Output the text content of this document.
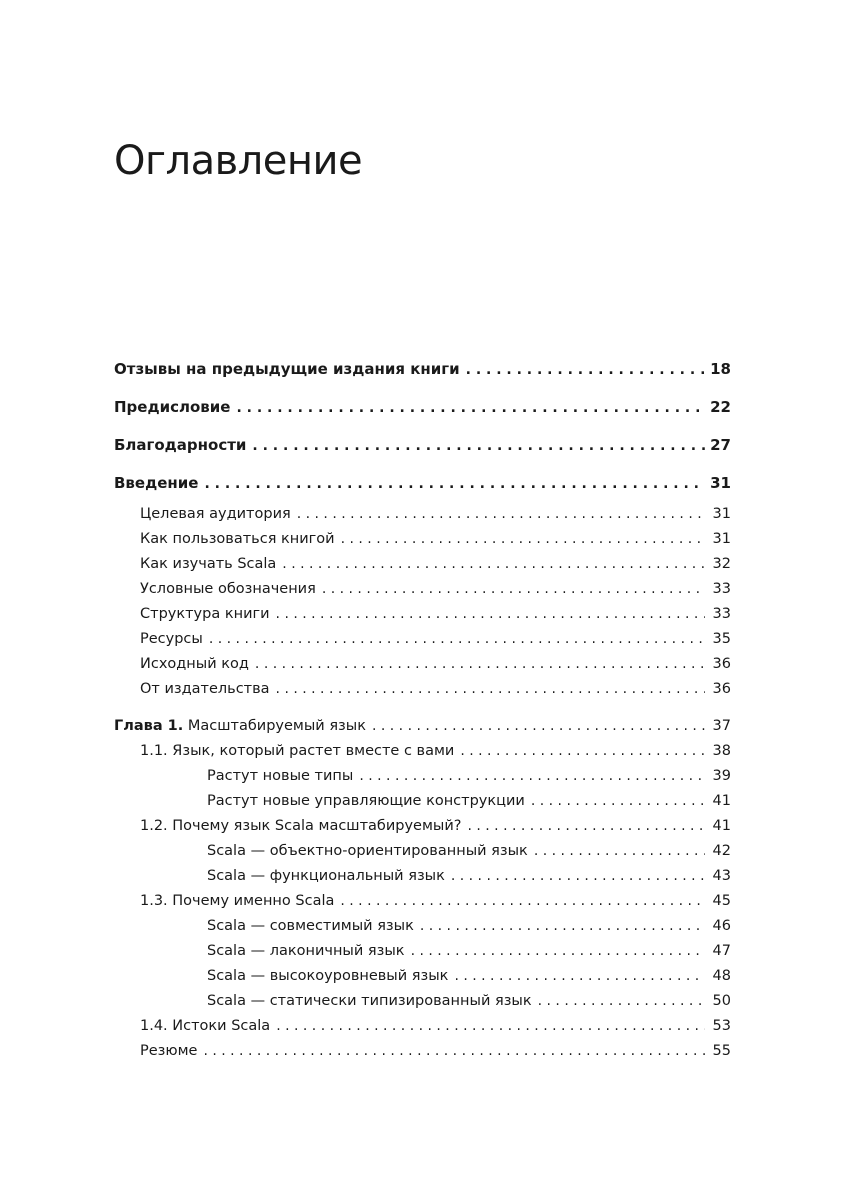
Оглавление
Отзывы на предыдущие издания книги . . .	18
Предисловие . . .	22
Благодарности . . .	27
Введение . . .	31
Целевая аудитория . . .	31
Как пользоваться книгой . . .	31
Как изучать Scala . . .	32
Условные обозначения . . .	33
Структура книги . . .	33
Ресурсы . . .	35
Исходный код . . .	36
От издательства . . .	36
Глава 1. Масштабируемый язык . . .	37
1.1. Язык, который растет вместе с вами . . .	38
Растут новые типы . . .	39
Растут новые управляющие конструкции . . .	41
1.2. Почему язык Scala масштабируемый? . . .	41
Scala — объектно-ориентированный язык . . .	42
Scala — функциональный язык . . .	43
1.3. Почему именно Scala . . .	45
Scala — совместимый язык . . .	46
Scala — лаконичный язык . . .	47
Scala — высокоуровневый язык . . .	48
Scala — статически типизированный язык . . .	50
1.4. Истоки Scala . . .	53
Резюме . . .	55
